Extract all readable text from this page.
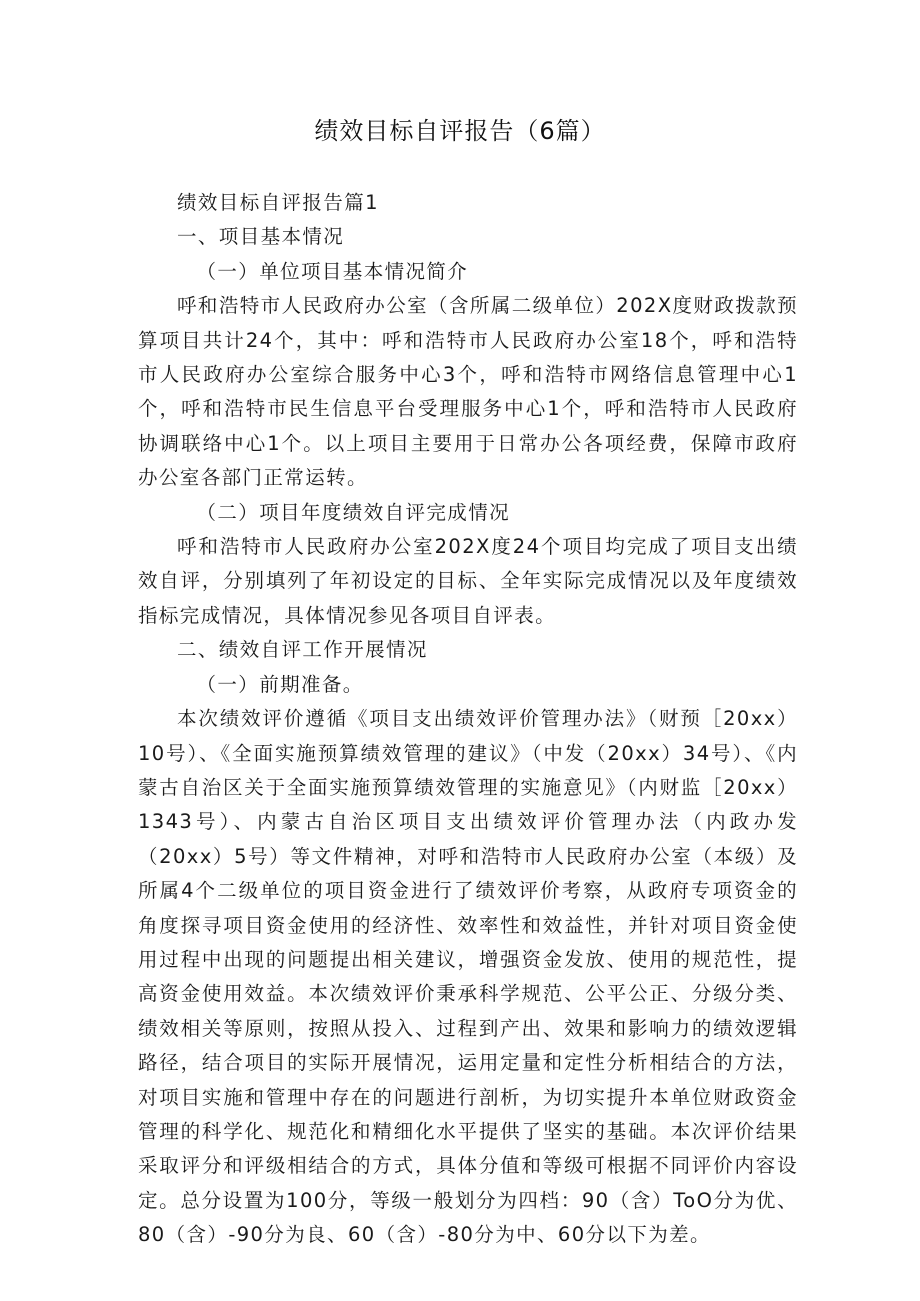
绩效目标自评报告（6篇）

绩效目标自评报告篇1

一、项目基本情况

（一）单位项目基本情况简介

呼和浩特市人民政府办公室（含所属二级单位）202X度财政拨款预算项目共计24个，其中：呼和浩特市人民政府办公室18个，呼和浩特市人民政府办公室综合服务中心3个，呼和浩特市网络信息管理中心1个，呼和浩特市民生信息平台受理服务中心1个，呼和浩特市人民政府协调联络中心1个。以上项目主要用于日常办公各项经费，保障市政府办公室各部门正常运转。

（二）项目年度绩效自评完成情况

呼和浩特市人民政府办公室202X度24个项目均完成了项目支出绩效自评，分别填列了年初设定的目标、全年实际完成情况以及年度绩效指标完成情况，具体情况参见各项目自评表。

二、绩效自评工作开展情况

（一）前期准备。

本次绩效评价遵循《项目支出绩效评价管理办法》（财预［20xx）10号）、《全面实施预算绩效管理的建议》（中发（20xx）34号）、《内蒙古自治区关于全面实施预算绩效管理的实施意见》（内财监［20xx）1343号）、内蒙古自治区项目支出绩效评价管理办法（内政办发（20xx）5号）等文件精神，对呼和浩特市人民政府办公室（本级）及所属4个二级单位的项目资金进行了绩效评价考察，从政府专项资金的角度探寻项目资金使用的经济性、效率性和效益性，并针对项目资金使用过程中出现的问题提出相关建议，增强资金发放、使用的规范性，提高资金使用效益。本次绩效评价秉承科学规范、公平公正、分级分类、绩效相关等原则，按照从投入、过程到产出、效果和影响力的绩效逻辑路径，结合项目的实际开展情况，运用定量和定性分析相结合的方法，对项目实施和管理中存在的问题进行剖析，为切实提升本单位财政资金管理的科学化、规范化和精细化水平提供了坚实的基础。本次评价结果采取评分和评级相结合的方式，具体分值和等级可根据不同评价内容设定。总分设置为100分，等级一般划分为四档：90（含）ToO分为优、80（含）-90分为良、60（含）-80分为中、60分以下为差。
